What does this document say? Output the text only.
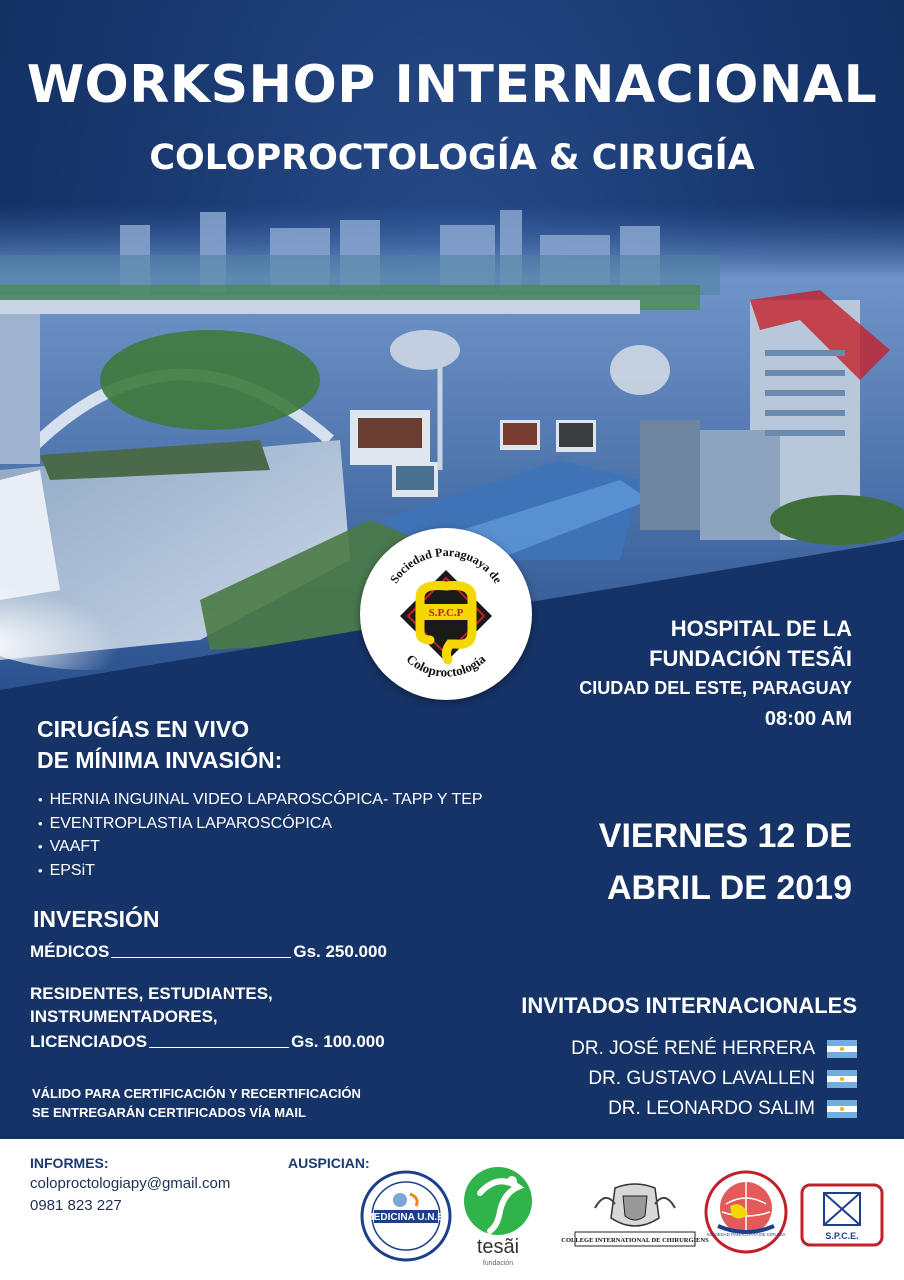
WORKSHOP INTERNACIONAL
COLOPROCTOLOGÍA & CIRUGÍA
Sociedad Paraguaya de
S.P.C.P
Coloproctología
HOSPITAL DE LA
FUNDACIÓN TESÃI
CIUDAD DEL ESTE, PARAGUAY
08:00 AM
CIRUGÍAS EN VIVO
DE MÍNIMA INVASIÓN:
• HERNIA INGUINAL VIDEO LAPAROSCÓPICA- TAPP Y TEP
• EVENTROPLASTIA LAPAROSCÓPICA
• VAAFT
• EPSiT
VIERNES 12 DE
ABRIL DE 2019
INVERSIÓN
MÉDICOS	Gs. 250.000
RESIDENTES, ESTUDIANTES,
INSTRUMENTADORES,
LICENCIADOS	Gs. 100.000
VÁLIDO PARA CERTIFICACIÓN Y RECERTIFICACIÓN
SE ENTREGARÁN CERTIFICADOS VÍA MAIL
INVITADOS INTERNACIONALES
DR. JOSÉ RENÉ HERRERA
DR. GUSTAVO LAVALLEN
DR. LEONARDO SALIM
INFORMES:
coloproctologiapy@gmail.com
0981 823 227
AUSPICIAN:
MEDICINA U.N.E.
tesãi
fundación
COLLEGE INTERNATIONAL DE CHIRURGIENS
SOCIEDAD PARAGUAYA DE CIRUGÍA	S.P.C.E.
